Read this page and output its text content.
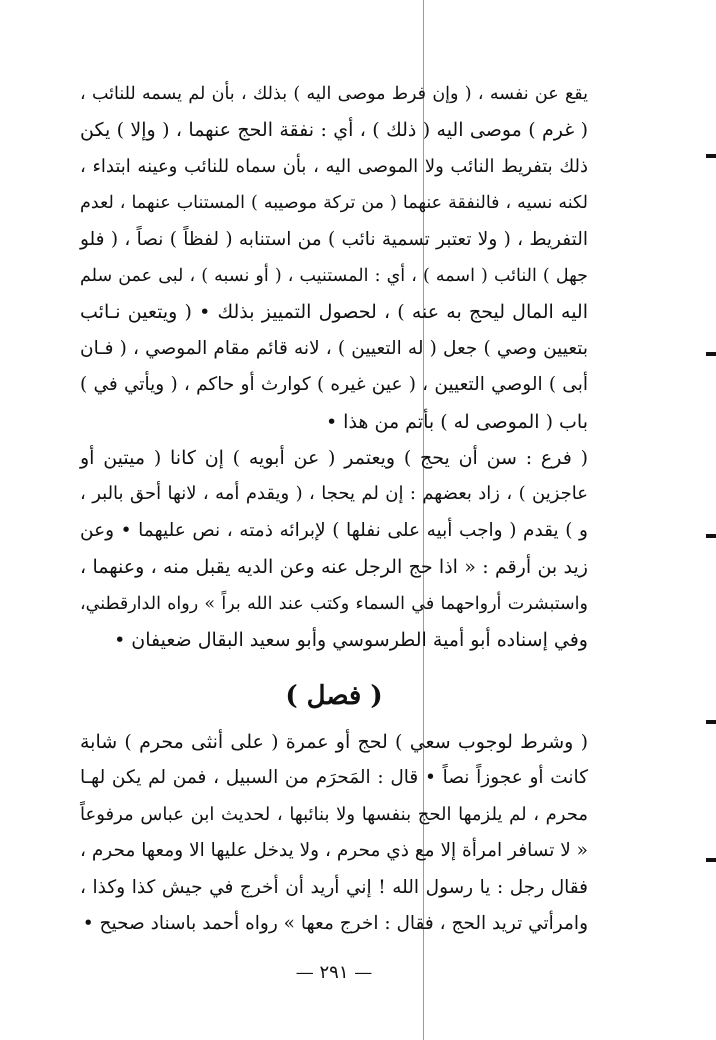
يقع عن نفسه ، ( وإن فرط موصى اليه ) بذلك ، بأن لم يسمه للنائب ،
( غرم ) موصى اليه ( ذلك ) ، أي : نفقة الحج عنهما ، ( وإلا ) يكن
ذلك بتفريط النائب ولا الموصى اليه ، بأن سماه للنائب وعينه ابتداء ،
لكنه نسيه ، فالنفقة عنهما ( من تركة موصيبه ) المستناب عنهما ، لعدم
التفريط ، ( ولا تعتبر تسمية نائب ) من استنابه ( لفظاً ) نصاً ، ( فلو
جهل ) النائب ( اسمه ) ، أي : المستنيب ، ( أو نسبه ) ، لبى عمن سلم
اليه المال ليحج به عنه ) ، لحصول التمييز بذلك • ( ويتعين نـائب
بتعيين وصي ) جعل ( له التعيين ) ، لانه قائم مقام الموصي ، ( فـان
أبى ) الوصي التعيين ، ( عين غيره ) كوارث أو حاكم ، ( ويأتي في )
باب ( الموصى له ) بأتم من هذا •
( فرع : سن أن يحج ) ويعتمر ( عن أبويه ) إن كانا ( ميتين أو
عاجزين ) ، زاد بعضهم : إن لم يحجا ، ( ويقدم أمه ، لانها أحق بالبر ،
و ) يقدم ( واجب أبيه على نفلها ) لإبرائه ذمته ، نص عليهما • وعن
زيد بن أرقم : « اذا حج الرجل عنه وعن الديه يقبل منه ، وعنهما ،
واستبشرت أرواحهما في السماء وكتب عند الله براً » رواه الدارقطني،
وفي إسناده أبو أمية الطرسوسي وأبو سعيد البقال ضعيفان •
( فصل )
( وشرط لوجوب سعي ) لحج أو عمرة ( على أنثى محرم ) شابة
كانت أو عجوزاً نصاً • قال : المَحرَم من السبيل ، فمن لم يكن لهـا
محرم ، لم يلزمها الحج بنفسها ولا بنائبها ، لحديث ابن عباس مرفوعاً
« لا تسافر امرأة إلا مع ذي محرم ، ولا يدخل عليها الا ومعها محرم ،
فقال رجل : يا رسول الله ! إني أريد أن أخرج في جيش كذا وكذا ،
وامرأتي تريد الحج ، فقال : اخرج معها » رواه أحمد باسناد صحيح •
— ٢٩١ —
